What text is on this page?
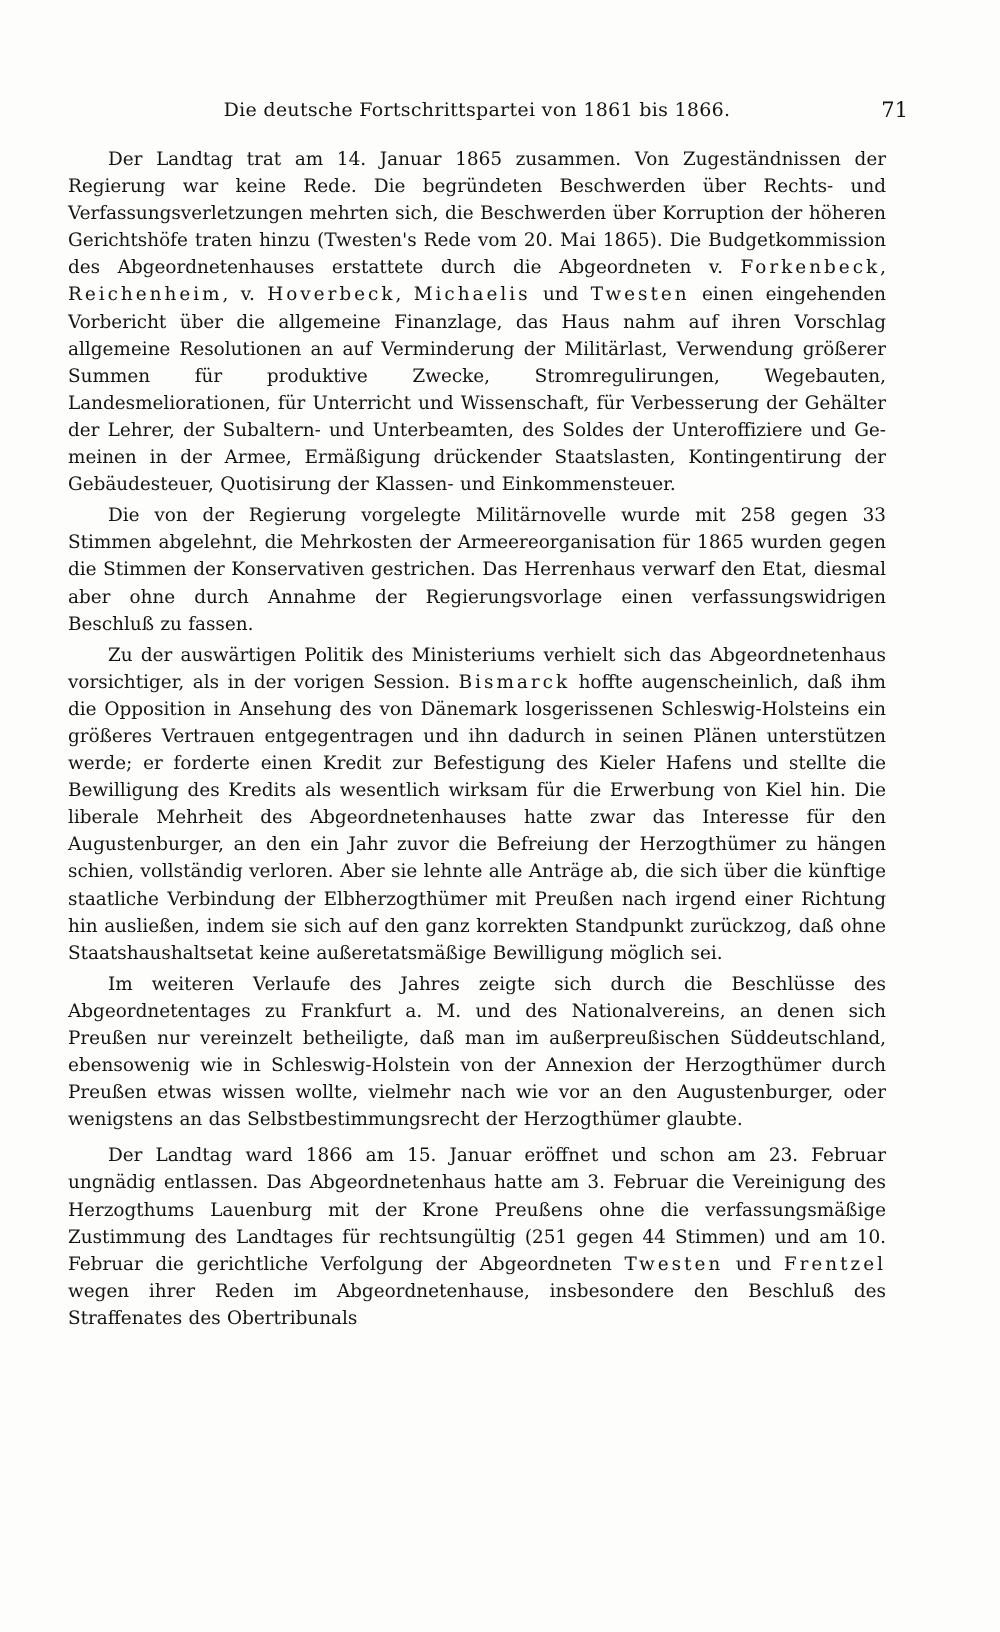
Die deutsche Fortschrittspartei von 1861 bis 1866.	71

Der Landtag trat am 14. Januar 1865 zusammen. Von Zugeständnissen der Regierung war keine Rede. Die begründeten Beschwerden über Rechts- und Verfassungsverletzungen mehrten sich, die Beschwerden über Korruption der höheren Gerichtshöfe traten hinzu (Twesten's Rede vom 20. Mai 1865). Die Budgetkommission des Abgeordnetenhauses erstattete durch die Abgeordneten v. Forkenbeck, Reichenheim, v. Hoverbeck, Michaelis und Twesten einen eingehenden Vorbericht über die allgemeine Finanzlage, das Haus nahm auf ihren Vorschlag allgemeine Resolutionen an auf Verminderung der Militärlast, Verwendung größerer Summen für produktive Zwecke, Stromregulirungen, Wegebauten, Landesmeliorationen, für Unterricht und Wissenschaft, für Verbesserung der Gehälter der Lehrer, der Subaltern- und Unterbeamten, des Soldes der Unteroffiziere und Gemeinen in der Armee, Ermäßigung drückender Staatslasten, Kontingentirung der Gebäudesteuer, Quotisirung der Klassen- und Einkommensteuer.

Die von der Regierung vorgelegte Militärnovelle wurde mit 258 gegen 33 Stimmen abgelehnt, die Mehrkosten der Armeereorganisation für 1865 wurden gegen die Stimmen der Konservativen gestrichen. Das Herrenhaus verwarf den Etat, diesmal aber ohne durch Annahme der Regierungsvorlage einen verfassungswidrigen Beschluß zu fassen.

Zu der auswärtigen Politik des Ministeriums verhielt sich das Abgeordnetenhaus vorsichtiger, als in der vorigen Session. Bismarck hoffte augenscheinlich, daß ihm die Opposition in Ansehung des von Dänemark losgerissenen Schleswig-Holsteins ein größeres Vertrauen entgegentragen und ihn dadurch in seinen Plänen unterstützen werde; er forderte einen Kredit zur Befestigung des Kieler Hafens und stellte die Bewilligung des Kredits als wesentlich wirksam für die Erwerbung von Kiel hin. Die liberale Mehrheit des Abgeordnetenhauses hatte zwar das Interesse für den Augustenburger, an den ein Jahr zuvor die Befreiung der Herzogthümer zu hängen schien, vollständig verloren. Aber sie lehnte alle Anträge ab, die sich über die künftige staatliche Verbindung der Elbherzogthümer mit Preußen nach irgend einer Richtung hin ausließen, indem sie sich auf den ganz korrekten Standpunkt zurückzog, daß ohne Staatshaushaltsetat keine außeretatsmäßige Bewilligung möglich sei.

Im weiteren Verlaufe des Jahres zeigte sich durch die Beschlüsse des Abgeordnetentages zu Frankfurt a. M. und des Nationalvereins, an denen sich Preußen nur vereinzelt betheiligte, daß man im außerpreußischen Süddeutschland, ebensowenig wie in Schleswig-Holstein von der Annexion der Herzogthümer durch Preußen etwas wissen wollte, vielmehr nach wie vor an den Augustenburger, oder wenigstens an das Selbstbestimmungsrecht der Herzogthümer glaubte.

Der Landtag ward 1866 am 15. Januar eröffnet und schon am 23. Februar ungnädig entlassen. Das Abgeordnetenhaus hatte am 3. Februar die Vereinigung des Herzogthums Lauenburg mit der Krone Preußens ohne die verfassungsmäßige Zustimmung des Landtages für rechtsungültig (251 gegen 44 Stimmen) und am 10. Februar die gerichtliche Verfolgung der Abgeordneten Twesten und Frentzel wegen ihrer Reden im Abgeordnetenhause, insbesondere den Beschluß des Straffenates des Obertribunals
